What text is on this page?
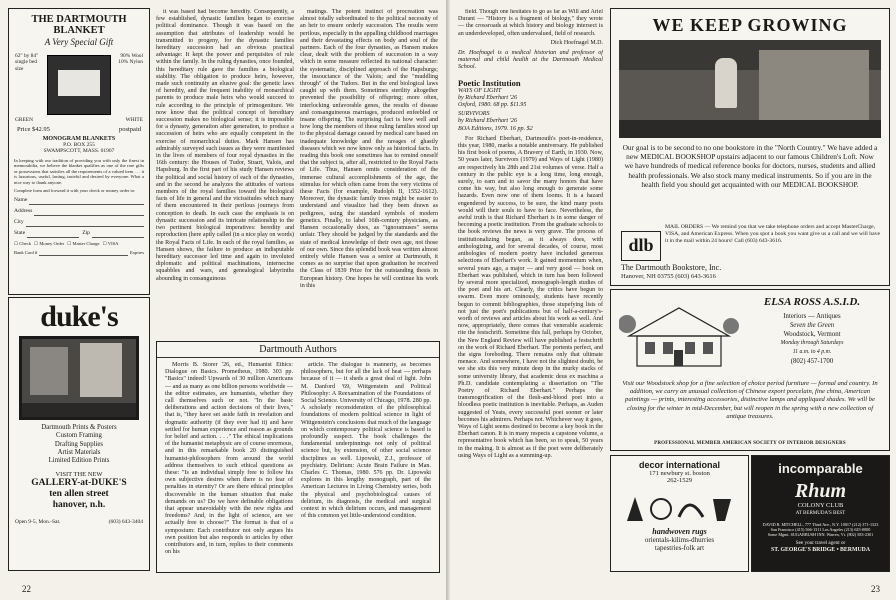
THE DARTMOUTH BLANKET
A Very Special Gift
62" by 84" single bed size
90% Wool 10% Nylon
GREEN	WHITE
Price $42.95	postpaid
MONOGRAM BLANKETS
P.O. BOX 255
SWAMPSCOTT, MASS. 01907
In keeping with our tradition of providing you with only the finest in memorabilia, we believe the blanket qualifies as one of the rare gifts or possessions that satisfies all the requirements of a valued item . . . it is luxurious, useful, lasting, tasteful and desired by everyone. What a nice way to thank anyone.
Complete form and forward it with your check or money order to:
Name
Address
City
State	Zip
☐ Check ☐ Money Order ☐ Master Charge ☐ VISA
Bank Card #	Expires
duke's
Dartmouth Prints & Posters
Custom Framing
Drafting Supplies
Artist Materials
Limited Edition Prints
VISIT THE NEW
GALLERY-at-DUKE'S
ten allen street
hanover, n.h.
Open 9-5, Mon.-Sat.	(603) 643-3404

it was based had become heredity. Consequently, a few established, dynastic families began to exercise political dominance. Though it was based on the assumption that attributes of leadership would be transmitted to progeny, for the dynastic families hereditary succession had an obvious practical advantage: It kept the power and perquisites of rule within the family. In the ruling dynasties, once founded, this hereditary rule gave the families a biological stability. The obligation to produce heirs, however, made such continuity an elusive goal: the genetic laws of heredity, and the frequent inability of monarchical parents to produce male heirs who would succeed to rule according to the principle of primogeniture. We now know that the political concept of hereditary succession makes no biological sense; it is impossible for a dynasty, generation after generation, to produce a succession of heirs who are equally competent in the exercise of monarchical duties. Mark Hansen has admirably surveyed such issues as they were manifested in the lives of members of four royal dynasties in the 16th century: the Houses of Tudor, Stuart, Valois, and Hapsburg. In the first part of his study Hansen reviews the political and social history of each of the dynasties, and in the second he analyzes the attitudes of various members of the royal families toward the biological facts of life in general and the vicissitudes which many of them encountered in their perilous journeys from conception to death. In each case the emphasis is on dynastic succession and its intricate relationship to the two pertinent biological imperatives: heredity and reproduction (here aptly called (in a nice play on words) the Royal Facts of Life. In each of the royal families, as Hansen shows, the failure to produce an indisputable hereditary successor led time and again to involuted diplomatic and political machinations, internecine squabbles and wars, and genealogical labyrinths abounding in consanguinous

matings. The potent instinct of procreation was almost totally subordinated to the political necessity of an heir to ensure orderly succession. The results were perilous, especially in the appalling childhood marriages and their devastating effects on body and soul of the partners. Each of the four dynasties, as Hansen makes clear, dealt with the problem of succession in a way which in some measure reflected its national character: the systematic, disciplined approach of the Hapsburgs; the insouciance of the Valois; and the "muddling through" of the Tudors. But in the end biological laws caught up with them. Sometimes sterility altogether prevented the possibility of offspring; more often, interlocking unfavorable genes, the results of disease and consanguineous marriages, produced enfeebled or insane offspring. The surprising fact is how well and how long the members of these ruling families stood up to the physical damage caused by medical care based on inadequate knowledge and the ravages of ghastly diseases which we now know only as historical facts. In reading this book one sometimes has to remind oneself that the subject is, after all, restricted to the Royal Facts of Life. Thus, Hansen omits consideration of the immense cultural accomplishments of the age, the stimulus for which often came from the very victims of these Facts (for example, Rudolph II, 1552-1612). Moreover, the dynastic family trees might be easier to understand and visualize had they been drawn as pedigrees, using the standard symbols of modern genetics. Finally, to label 16th-century physicians, as Hansen occasionally does, as "ignoramuses" seems unfair. They should be judged by the standards and the state of medical knowledge of their own age, not those of our own. Since this splendid book was written almost entirely while Hansen was a senior at Dartmouth, it comes as no surprise that upon graduation he received the Class of 1839 Prize for the outstanding thesis in European history. One hopes he will continue his work in this

Dartmouth Authors

Morris B. Storer '26, ed., Humanist Ethics: Dialogue on Basics. Prometheus, 1980. 303 pp. "Basics" indeed! Upwards of 30 million Americans — and as many as one billion persons worldwide — the editor estimates, are humanists, whether they call themselves such or not. "In the basic deliberations and action decisions of their lives," that is, "they have set aside faith in revelation and dogmatic authority (if they ever had it) and have settled for human experience and reason as grounds for belief and action. . . ." The ethical implications of the humanist metaphysic are of course enormous, and in this remarkable book 20 distinguished humanist-philosophers from around the world address themselves to such ethical questions as these: "Is an individual simply free to follow his own subjective desires when there is no fear of penalties in eternity? Or are there ethical principles discoverable in the human situation that make demands on us? Do we have definable obligations that appear unavoidably with the new rights and freedoms? And, in the light of science, are we actually free to choose?" The format is that of a symposium: Each contributor not only argues his own position but also responds to articles by other contributors and, in turn, replies to their comments on his

article. The dialogue is manneriy, as becomes philosophers, but for all the lack of heat — perhaps because of it — it sheds a great deal of light. John M. Danford '69, Wittgenstein and Political Philosophy: A Reexamination of the Foundations of Social Science. University of Chicago, 1978. 280 pp. A scholarly reconsideration of the philosophical foundations of modern political science in light of Wittgenstein's conclusions that much of the language on which contemporary political science is based is profoundly suspect. The book challenges the fundamental underpinnings not only of political science but, by extension, of other social science disciplines as well. Lipowski, Z.J., professor of psychiatry. Delirium: Acute Brain Failure in Man. Charles C. Thomas, 1980. 576 pp. Dr. Lipowski explores in this lengthy monograph, part of the American Lectures in Living Chemistry series, both the physical and psychobiological causes of delirium, its diagnosis, the medical and surgical context in which delirium occurs, and management of this common yet little-understood condition.

22

field. Though one hesitates to go as far as Will and Ariel Durant — "History is a fragment of biology," they wrote — the crossroads at which history and biology intersect is an underdeveloped, often undervalued, field of research.

Dick Hoefnagel M.D.
Dr. Hoefnagel is a medical historian and professor of maternal and child health at the Dartmouth Medical School.
Poetic Institution
WAYS OF LIGHT
by Richard Eberhart '26
Oxford, 1980. 68 pp. $11.95
SURVIVORS
by Richard Eberhart '26
BOA Editions, 1979. 16 pp. $2

For Richard Eberhart, Dartmouth's poet-in-residence, this year, 1980, marks a notable anniversary. He published his first book of poems, A Bravery of Earth, in 1930. Now, 50 years later, Survivors (1979) and Ways of Light (1980) are respectively his 28th and 21st volumes of verse. Half a century in the public eye is a long time, long enough, surely, to earn and to savor the many honors that have come his way, but also long enough to generate some hazards. Even now one of them looms. It is a hazard engendered by success, to be sure, the kind many poets would will their souls to have to face. Nevertheless, the awful truth is that Richard Eberhart is in some danger of becoming a poetic institution. From the graduate schools to the book reviews the news is very grave. The process of institutionalizing began, as it always does, with anthologizing, and for several decades, of course, most anthologies of modern poetry have included generous selections of Eberhart's work. It gained momentum when, several years ago, a major — and very good — book on Eberhart was published, which in turn has been followed by several more specialized, monograph-length studies of the poet and his art. Clearly, the critics have begun to swarm. Even more ominously, students have recently begun to commit bibliographies, those stupefying lists of not just the poet's publications but of half-a-century's-worth of reviews and articles about his work as well. And now, appropriately, there comes that venerable academic rite the festschrift. Sometime this fall, perhaps by October, the New England Review will have published a festschrift on the work of Richard Eberhart. The portents perfect, and the signs foreboding. There remains only that ultimate menace. And somewhere, I have not the slightest doubt, be we she sits this very minute deep in the murky stacks of some university library, that academic deus ex machina a Ph.D. candidate contemplating a dissertation on "The Poetry of Richard Eberhart." Perhaps the transmogrification of the flesh-and-blood poet into a bloodless poetic institution is inevitable. Perhaps, as Auden suggested of Yeats, every successful poet sooner or later becomes his admirers. Perhaps not. Whichever way it goes, Ways of Light seems destined to become a key book in the Eberhart canon. It is in many respects a capstone volume, a representative book which has been, so to speak, 50 years in the making. It is almost as if the poet were deliberately using Ways of Light as a summing-up.

WE KEEP GROWING
Our goal is to be second to no one bookstore in the "North Country." We have added a new MEDICAL BOOKSHOP upstairs adjacent to our famous Children's Loft. Now we have hundreds of medical reference books for doctors, nurses, students and allied health professionals. We also stock many medical instruments. So if you are in the health field you should get acquainted with our MEDICAL BOOKSHOP.
dlb
MAIL ORDERS — We remind you that we take telephone orders and accept MasterCharge, VISA, and American Express. When you spot a book you want give us a call and we will have it in the mail within 24 hours! Call (603) 643-3616.
The Dartmouth Bookstore, Inc.
Hanover, NH 03755 (603) 643-3616
ELSA ROSS A.S.I.D.
Interiors — Antiques
Seven the Green
Woodstock, Vermont
Monday through Saturdays
11 a.m. to 4 p.m.
(802) 457-1700
Visit our Woodstock shop for a fine selection of choice period furniture — formal and country. In addition, we carry an unusual collection of Chinese export porcelain, fine china, American paintings — prints, interesting accessories, distinctive lamps and appliqued shades. We will be closing for the winter in mid-December, but will reopen in the spring with a new collection of antique treasures.
PROFESSIONAL MEMBER AMERICAN SOCIETY OF INTERIOR DESIGNERS
decor international
171 newbury st. boston
262-1529
handwoven rugs
orientals-kilims-dhurries
tapestries-folk art
incomparable
Rhum
COLONY CLUB
AT BERMUDA'S BEST
DAVID B. MITCHELL, 777 Third Ave., N.Y. 10017 (212) 371-1323
San Francisco (415) 566-1311 Los Angeles (213) 625-0000
Some Mgmt. SUGARBUSH INN. Warren, Vt. (802) 583-2301
See your travel agent or
ST. GEORGE'S BRIDGE • BERMUDA
23
